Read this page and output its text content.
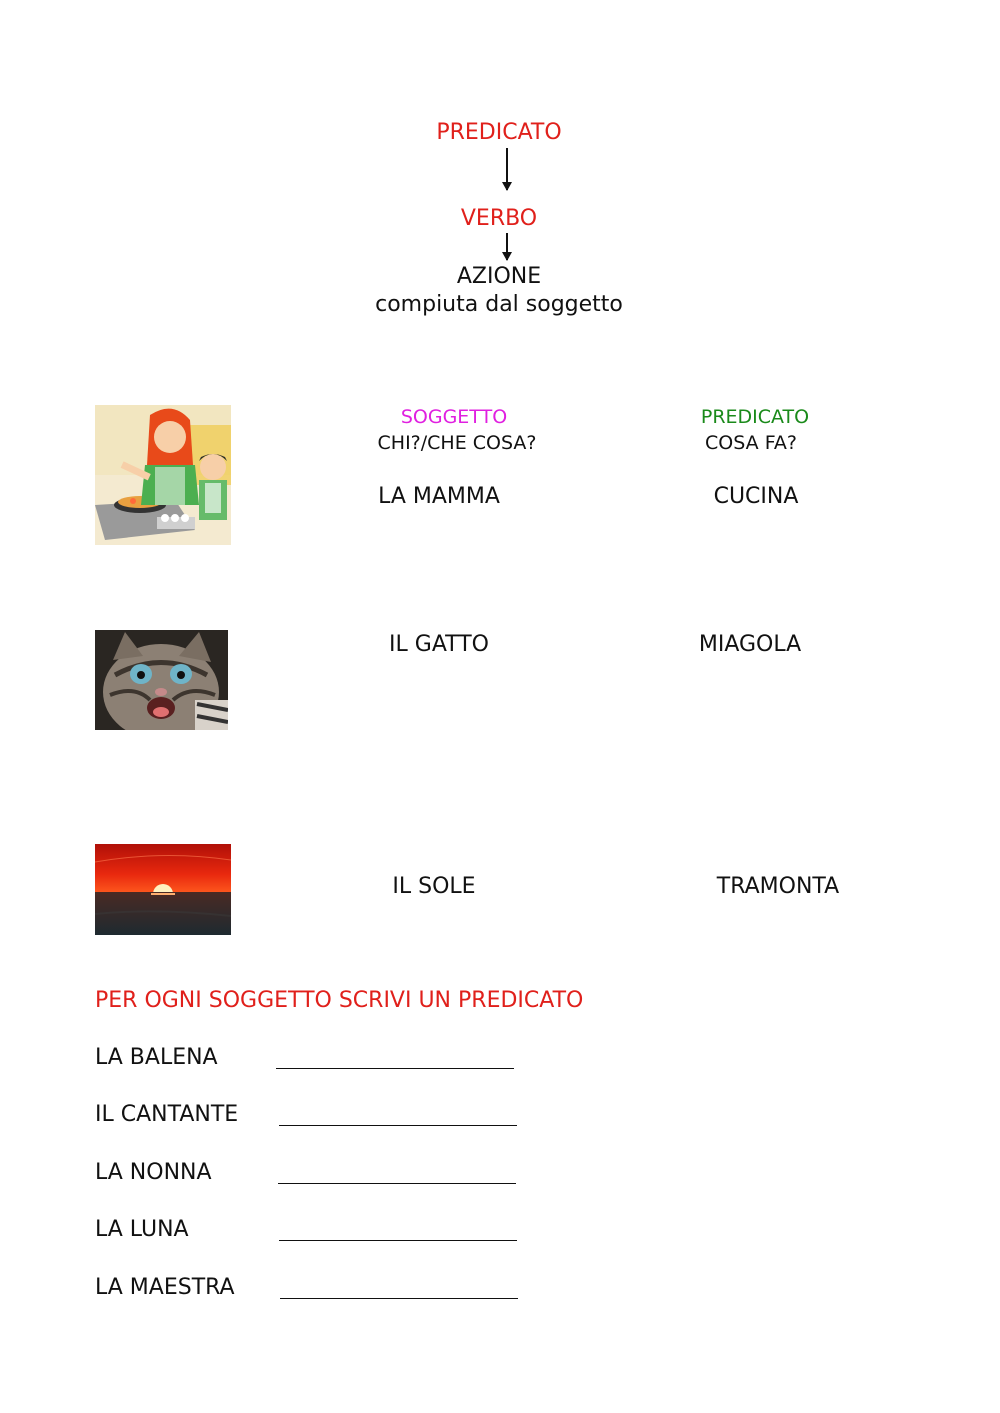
PREDICATO
VERBO
AZIONE
compiuta dal soggetto
SOGGETTO
CHI?/CHE COSA?
PREDICATO
COSA FA?
LA MAMMA	CUCINA
IL GATTO	MIAGOLA
IL SOLE	TRAMONTA
PER OGNI SOGGETTO SCRIVI UN PREDICATO
LA BALENA
IL CANTANTE
LA NONNA
LA LUNA
LA MAESTRA
